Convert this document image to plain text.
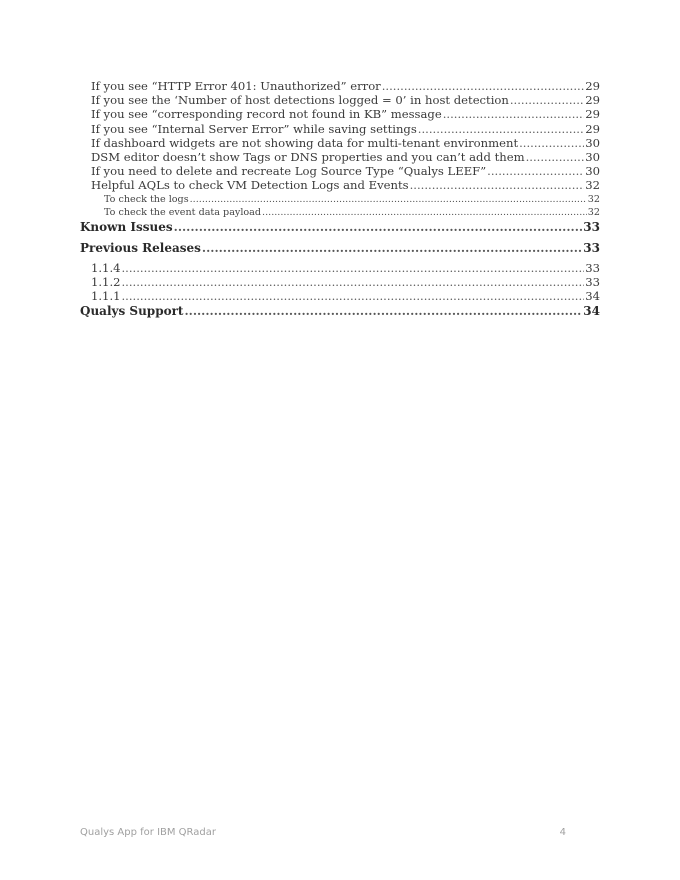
If you see “HTTP Error 401: Unauthorized” error .....	29
If you see the ‘Number of host detections logged = 0’ in host detection .....	29
If you see “corresponding record not found in KB” message .....	29
If you see “Internal Server Error” while saving settings .....	29
If dashboard widgets are not showing data for multi-tenant environment .....	30
DSM editor doesn’t show Tags or DNS properties and you can’t add them .....	30
If you need to delete and recreate Log Source Type “Qualys LEEF” .....	30
Helpful AQLs to check VM Detection Logs and Events .....	32
To check the logs .....	32
To check the event data payload .....	32
Known Issues .....	33
Previous Releases .....	33
1.1.4 .....	33
1.1.2 .....	33
1.1.1 .....	34
Qualys Support .....	34
Qualys App for IBM QRadar	4
